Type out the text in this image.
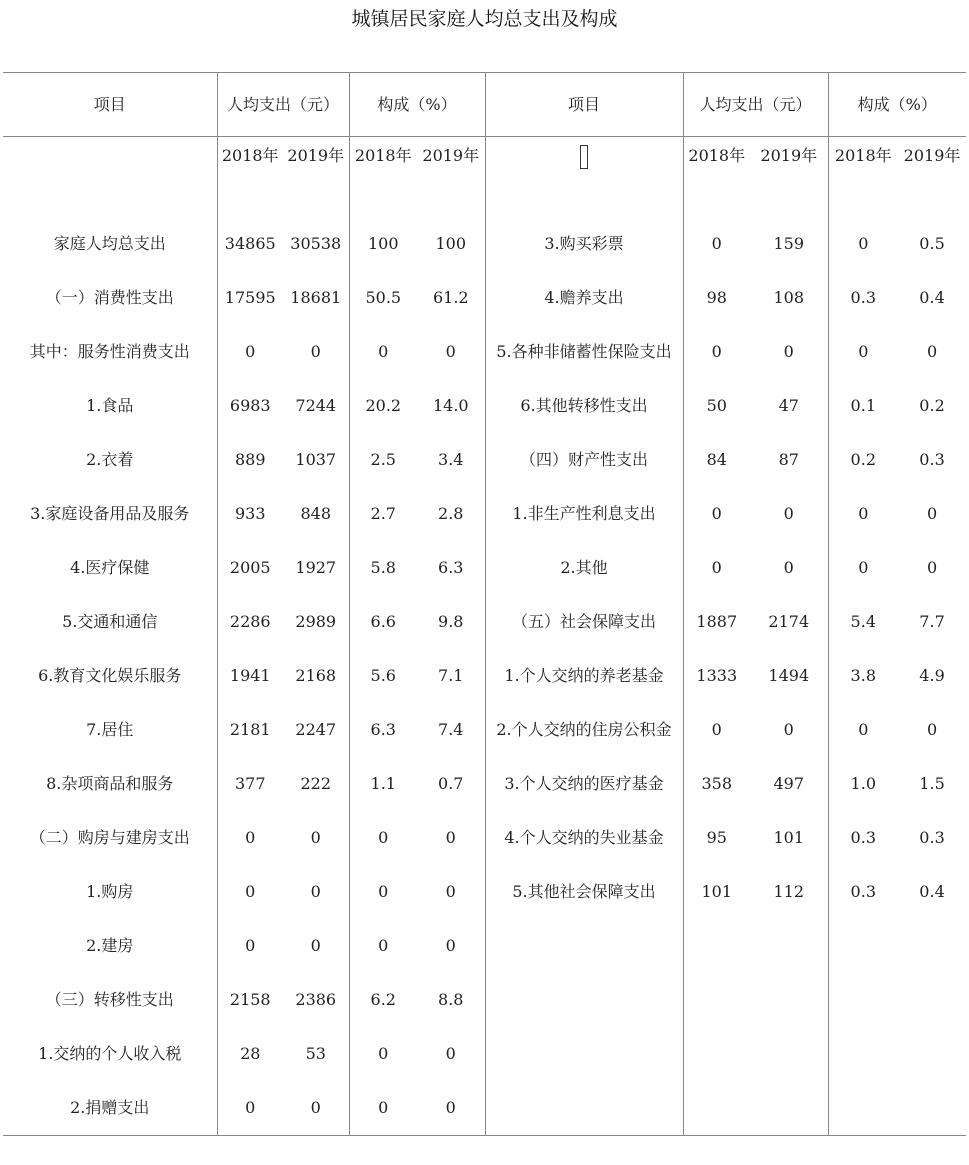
城镇居民家庭人均总支出及构成
项目	人均支出（元）		构成（%）		项目	人均支出（元）		构成（%）	
	2018年	2019年	2018年	2019年		2018年	2019年	2018年	2019年
家庭人均总支出	34865	30538	100	100	3.购买彩票	0	159	0	0.5
（一）消费性支出	17595	18681	50.5	61.2	4.赡养支出	98	108	0.3	0.4
其中：服务性消费支出	0	0	0	0	5.各种非储蓄性保险支出	0	0	0	0
1.食品	6983	7244	20.2	14.0	6.其他转移性支出	50	47	0.1	0.2
2.衣着	889	1037	2.5	3.4	（四）财产性支出	84	87	0.2	0.3
3.家庭设备用品及服务	933	848	2.7	2.8	1.非生产性利息支出	0	0	0	0
4.医疗保健	2005	1927	5.8	6.3	2.其他	0	0	0	0
5.交通和通信	2286	2989	6.6	9.8	（五）社会保障支出	1887	2174	5.4	7.7
6.教育文化娱乐服务	1941	2168	5.6	7.1	1.个人交纳的养老基金	1333	1494	3.8	4.9
7.居住	2181	2247	6.3	7.4	2.个人交纳的住房公积金	0	0	0	0
8.杂项商品和服务	377	222	1.1	0.7	3.个人交纳的医疗基金	358	497	1.0	1.5
（二）购房与建房支出	0	0	0	0	4.个人交纳的失业基金	95	101	0.3	0.3
1.购房	0	0	0	0	5.其他社会保障支出	101	112	0.3	0.4
2.建房	0	0	0	0					
（三）转移性支出	2158	2386	6.2	8.8					
1.交纳的个人收入税	28	53	0	0					
2.捐赠支出	0	0	0	0					
